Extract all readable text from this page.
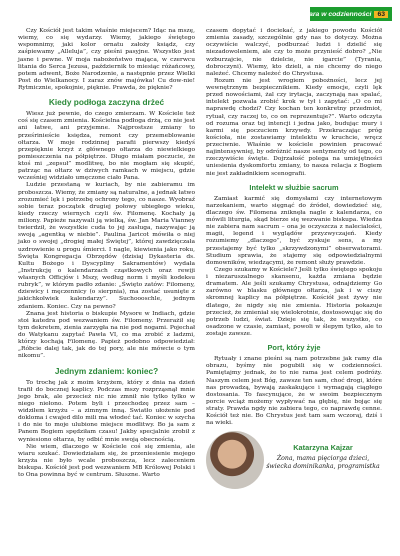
Wiara w codzienności 63

Czy Kościół jest takim właśnie miejscem? Idąc na mszę, wiemy, co się wydarzy. Wiemy, jakiego świętego wspomnimy, jaki kolor ornatu założy ksiądz, czy zaśpiewamy „Alleluja”, czy pieśni pasyjne. Wszystko jest jasne i pewne. W moja nabożeństwo mająca, w czerwcu litania do Serca Jezusa, październik to miesiąc różańcowy, potem adwent, Boże Narodzenie, a następnie przez Wielki Post do Wielkanocy. I zaraz znów majówka! Cu dow-nie! Rytmicznie, spokojnie, pięknie. Prawda, że pięknie?

Kiedy podłoga zaczyna drżeć

Wiesz już pewnie, do czego zmierzam. W Kościele też coś się czasem zmienia. Kościelna podłoga drżą, co nie jest ani łatwe, ani przyjemne. Najprostsze zmiany to prześrinieście księdza, remont czy przemeblowanie ołtarza. W moje rodzinnej parafii pierwszy kiedyś przepięknie krzyż z głównego ołtarza do niewielkiego pomieszczenia na półpiętrze. Długo miałam poczucie, że ktoś mi „zepsuł” modlitwę, bo nie mogłam się skupić, patrząc na ołtarz w dziwych ramkach w miejscu, gdzie wcześniej widziało umęczone ciało Pana.

Ludzie przestaną w kuriach, by nie zabieramu im proboszcza. Wiemy, że zmiany są naturalne, a jednak łatwo zrozumieć lęk i potrzebę ochrony tego, co nasze. Wyobraź sobie teraz początek drugiej połowy ubiegłego wieku, kiedy rzeczy wiernych czyli św. Filomenę. Kochały ją miliony. Papieże nazywali ją wielką, św. Jan Maria Vianney twierdził, że wszystkie cuda to jej zasługa, nazywając ją swoją „agentką w niebie”. Paulina Jaricot mówiła o niej jako o swojej „drogiej małej Świętej”, której zawdzięczała uzdrowienie u progu śmierci. I nagle, kiewienia jako roku, Święta Kongregacja Obrzędów (dzisiaj Dykasteria ds. Kultu Bożego i Dyscypliny Sakramentów) wydała „Instrukcję o kalendarzach cząstkowych oraz rewiji własnych Officjów i Mszy, według norm i myśli kodeksu rubryk”, w którym padło zdanie: „Święto zatów: Filomeny, dziewicy i męczennicy (o sierpnia), ma zostać usunięte z jakichkolwiek kalendarzy”. Suchoooschle, jednym zdaniem. Koniec. Czy na pewno?

Znana jest historia o biskupie Mysore w Indiach, gdzie stoi katedra pod wezwaniem św. Filomeny. Przerażił się tym dekretem, zienia zarzygła na nie pod nogami. Pojechał do Watykanu zapytać Pawła VI, co ma zrobić z ladzmi, którzy kochają Filomenę. Papież podobno odpowiedział: „Róbcie dalej tak, jak do tej pory, ale nie mówcie o tym nikomu”.

Jednym zdaniem: koniec?

To trochę jak z moim krzyżem, który z dnia na dzień trafił do bocznej kaplicy. Podczas mszy rozprząsnął mnie jego brak, ale przecież nic nie zmnił nie tylko tylko w niego niełono. Potem byli i przechodzę przez sam – widziłem krzyżu – a zimnym inną. Swiatło ułożenie pod dokloma i cwajed dilo mili ma włodeć tać. Koniec w szycha i do nie to moje ulubione miejsce modlitwy. Bo ja sam z Panem Bogiem spędziłam czasu! Jakby specjalnie zrobił z wyniesiono ołtarza, by odbić mnie swoją obecnością.

Nie wiem, dlaczego w Kościele coś się zmienia, ale wiaru szukać. Dowiedziałam się, że przeniesienie mojego krzyża nie było wcale proboszcza, lecz zaleceniem biskupa. Kościół jest pod wezwaniem MB Królowej Polski i to Ona powinna być w centrum. Słuszne. Warto

czasem dopytać i dociekać, z jakiego powodu Kościół zmienia zasady, szczególnie gdy nas to dotyczy. Można oczywiście walczyć, podburzać ludzi i dzielić się niezadowoleniem, ale czy to może przynieść dobro? „Nie wzburzajcie, nie dzielcie, nie igarcie” (Tyrania, dobroczyni). Wiemy, kto dzieli, a nie chcemy do niego należeć. Chcemy należeć do Chrystusa.

Rozum nie jest wrogiem pobożności, lecz jej wewnętrznym bezpiecznikiem. Kiedy emocje, czyli lęk przed nowościami, żal czy irytacja, zaczynają nas spalać, intelekt pozwala zrobić krok w tył i zapytać: „O co mi naprawdę chodzi? Czy kochan ten konkretny przedmiot, rytuał, czy raczej to, co on reprezentuje?”. Warto odczyta od rozuma oraz tej intencji i jedna jako, budując mury i karmi się poczuciem krzywdy. Przekraczając próg kościoła, nie zostawiamy intelektu w kruchcie, wręcz przeciwnie. Właśnie w kościele powinien pracować najintensywniej, by odróżnić nasze sentymenty od tego, co rzeczywiście święte. Dojrzałość polega na umiejętności uniesienia dyskomfortu zmiany, to nasza relacja z Bogiem nie jest zakładnikiem scenografii.

Intelekt w służbie sacrum

Zamiast karmić się domysłami czy internetowym narzekaniem, warto sięgnąć do źródeł, dowiedzieć się, dlaczego św. Filomena zniknęła nagle z kalendarza, co mówili liturgia, skąd bierze się wezwanie biskupa. Wiedza nie zabiera nam sacrum – ona je oczyszcza z nalecialości, magii, legend i wyglądów przyzwyczajeń. Kiedy rozumiemy „dlaczego”, być zyskuje sens, a my przestajemy być tylko „skrzywdzonymi” obserwatorami. Studium sprawia, że stajemy się odpowiedzialnymi domowników, wiedzącymi, że remont służy prawdzie.

Czego szukamy w Kościele? Jeśli tylko świętego spokoju i niezaruszalnego skansenu, każda zmiana będzie dramatem. Ale jeśli szukamy Chrystusa, odnajdziemy Go zarówno w blasku głównego ołtarza, jak i w ciszy skromnej kaplicy na półpiętrze. Kościół jest żywy nie dlatego, że nigdy się nie zmienia. Historia pokazuje przecież, że zmieniał się wielokrotnie, dostosowując się do potrzeb ludzi, świat. Dzieje się tak, że wszystko, co osadzone w czasie, zamiast, powoli w ślepym tylko, ale to zostaje zawsze.

Port, który żyje

Rytuały i znane pieśni są nam potrzebne jak ramy dla obrazu, byśmy nie pogubili się w codzienności. Pamiętajmy jednak, że to nie rama jest celem podróży. Naszym celem jest Bóg, zawsze ten sam, choć drogi, które nas prowadzą, bywają zaskakujące i wymagają ciągłego dostosania. To fascynujące, że w swoim bezpiecznym porcie wciąż możemy wypływać na głębię, nie bojąc się straty. Prawda ngdy nie zabiera tego, co naprawdę cenne. Kościół też nie. Bo Chrystus jest tam sam wczoraj, dziś i na wieki.

Katarzyna Kajzar
Żona, mama pięciorga dzieci, świecka dominikanka, programistka
